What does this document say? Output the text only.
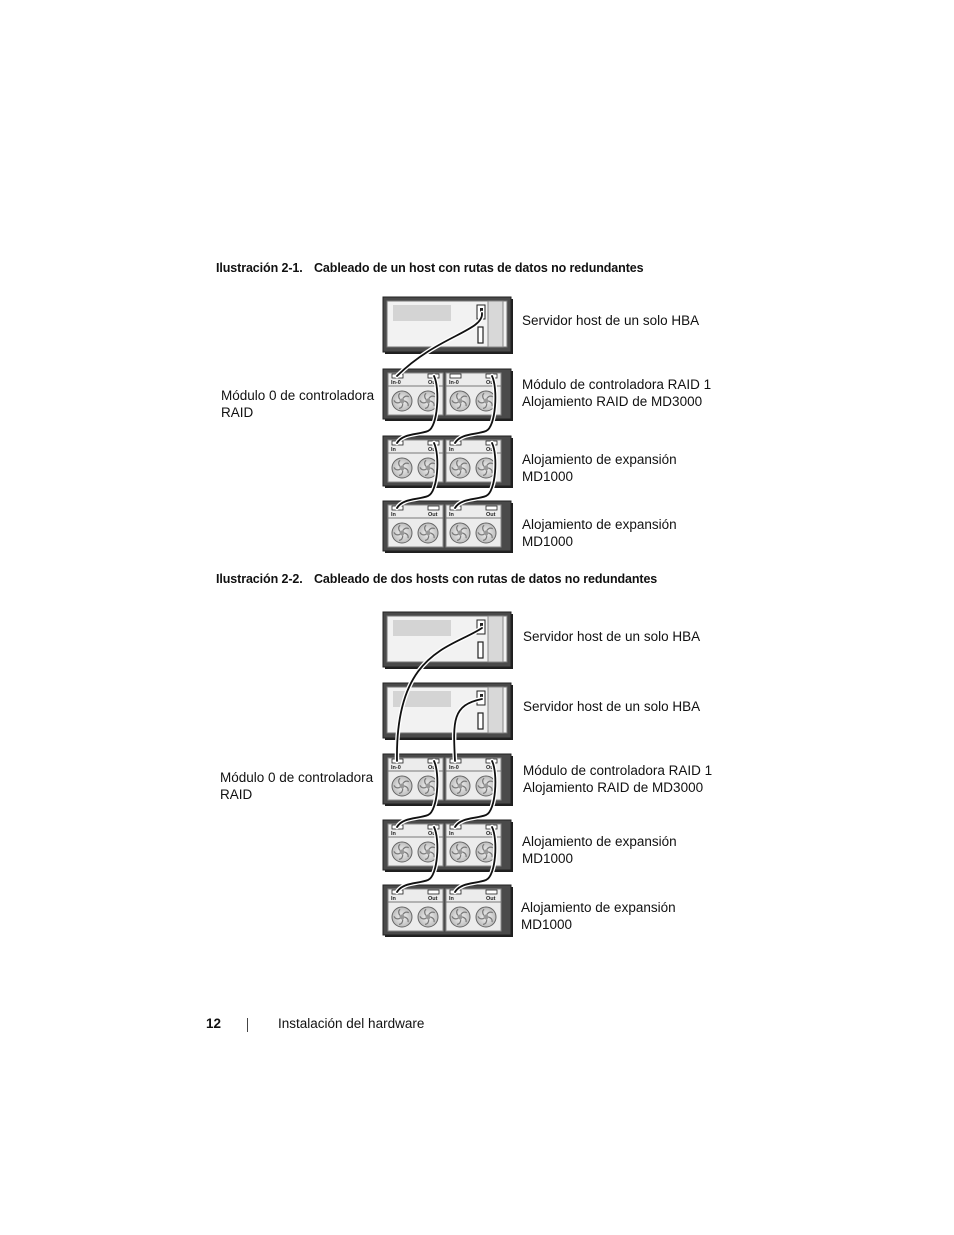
Ilustración 2-1. Cableado de un host con rutas de datos no redundantes
Ilustración 2-2. Cableado de dos hosts con rutas de datos no redundantes
In-0	Out In-0	Out
In	Out In	Out
In	Out In	Out
In-0	Out In-0	Out
In	Out In	Out
In	Out In	Out
Servidor host de un solo HBA
Módulo 0 de controladora
RAID
Módulo de controladora RAID 1
Alojamiento RAID de MD3000
Alojamiento de expansión
MD1000
Alojamiento de expansión
MD1000
Servidor host de un solo HBA
Servidor host de un solo HBA
Módulo 0 de controladora
RAID
Módulo de controladora RAID 1
Alojamiento RAID de MD3000
Alojamiento de expansión
MD1000
Alojamiento de expansión
MD1000
12	Instalación del hardware
